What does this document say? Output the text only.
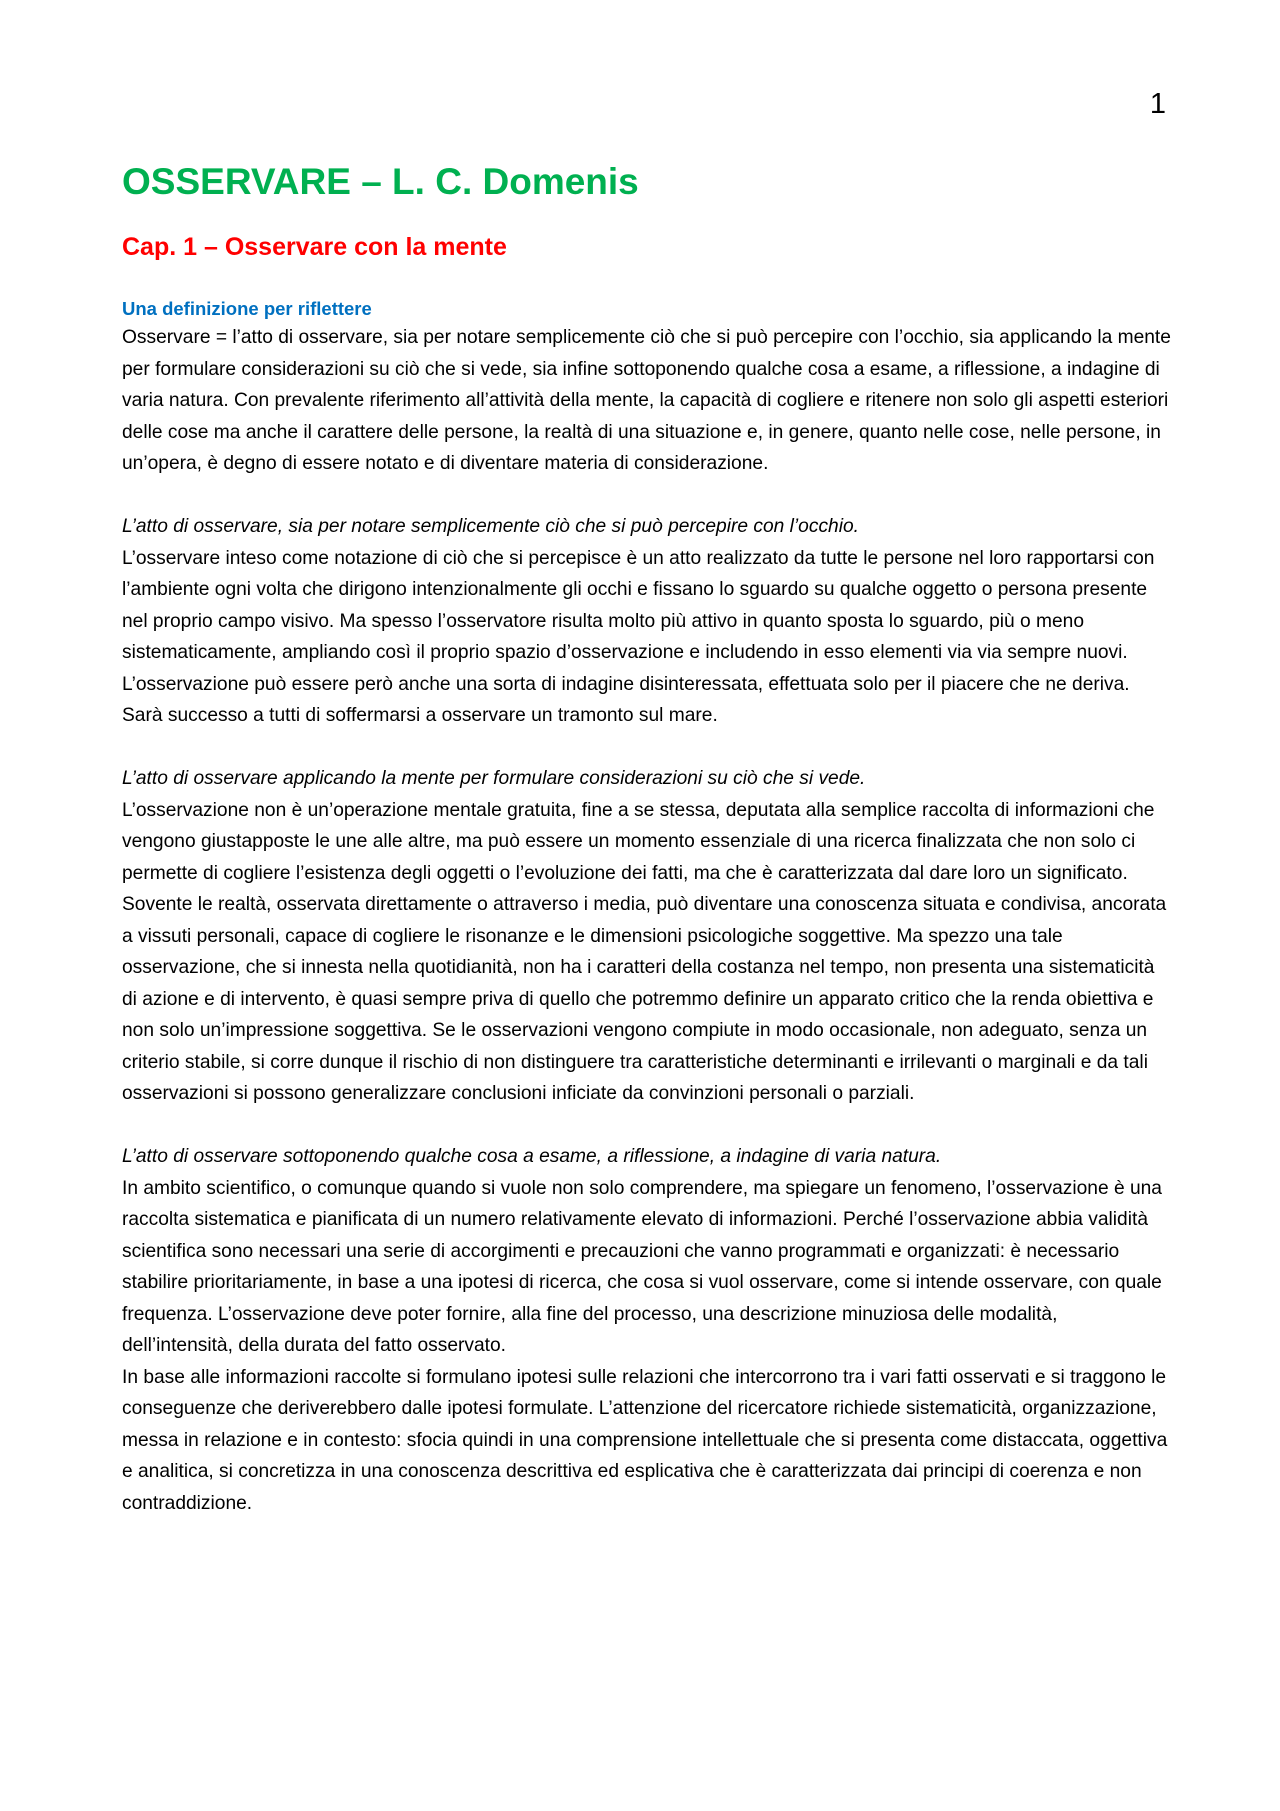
1
OSSERVARE – L. C. Domenis
Cap. 1 – Osservare con la mente
Una definizione per riflettere

Osservare = l’atto di osservare, sia per notare semplicemente ciò che si può percepire con l’occhio, sia applicando la mente per formulare considerazioni su ciò che si vede, sia infine sottoponendo qualche cosa a esame, a riflessione, a indagine di varia natura. Con prevalente riferimento all’attività della mente, la capacità di cogliere e ritenere non solo gli aspetti esteriori delle cose ma anche il carattere delle persone, la realtà di una situazione e, in genere, quanto nelle cose, nelle persone, in un’opera, è degno di essere notato e di diventare materia di considerazione.

L’atto di osservare, sia per notare semplicemente ciò che si può percepire con l’occhio.

L’osservare inteso come notazione di ciò che si percepisce è un atto realizzato da tutte le persone nel loro rapportarsi con l’ambiente ogni volta che dirigono intenzionalmente gli occhi e fissano lo sguardo su qualche oggetto o persona presente nel proprio campo visivo. Ma spesso l’osservatore risulta molto più attivo in quanto sposta lo sguardo, più o meno sistematicamente, ampliando così il proprio spazio d’osservazione e includendo in esso elementi via via sempre nuovi.

L’osservazione può essere però anche una sorta di indagine disinteressata, effettuata solo per il piacere che ne deriva. Sarà successo a tutti di soffermarsi a osservare un tramonto sul mare.

L’atto di osservare applicando la mente per formulare considerazioni su ciò che si vede.

L’osservazione non è un’operazione mentale gratuita, fine a se stessa, deputata alla semplice raccolta di informazioni che vengono giustapposte le une alle altre, ma può essere un momento essenziale di una ricerca finalizzata che non solo ci permette di cogliere l’esistenza degli oggetti o l’evoluzione dei fatti, ma che è caratterizzata dal dare loro un significato.

Sovente le realtà, osservata direttamente o attraverso i media, può diventare una conoscenza situata e condivisa, ancorata a vissuti personali, capace di cogliere le risonanze e le dimensioni psicologiche soggettive. Ma spezzo una tale osservazione, che si innesta nella quotidianità, non ha i caratteri della costanza nel tempo, non presenta una sistematicità di azione e di intervento, è quasi sempre priva di quello che potremmo definire un apparato critico che la renda obiettiva e non solo un’impressione soggettiva. Se le osservazioni vengono compiute in modo occasionale, non adeguato, senza un criterio stabile, si corre dunque il rischio di non distinguere tra caratteristiche determinanti e irrilevanti o marginali e da tali osservazioni si possono generalizzare conclusioni inficiate da convinzioni personali o parziali.

L’atto di osservare sottoponendo qualche cosa a esame, a riflessione, a indagine di varia natura.

In ambito scientifico, o comunque quando si vuole non solo comprendere, ma spiegare un fenomeno, l’osservazione è una raccolta sistematica e pianificata di un numero relativamente elevato di informazioni. Perché l’osservazione abbia validità scientifica sono necessari una serie di accorgimenti e precauzioni che vanno programmati e organizzati: è necessario stabilire prioritariamente, in base a una ipotesi di ricerca, che cosa si vuol osservare, come si intende osservare, con quale frequenza. L’osservazione deve poter fornire, alla fine del processo, una descrizione minuziosa delle modalità, dell’intensità, della durata del fatto osservato.

In base alle informazioni raccolte si formulano ipotesi sulle relazioni che intercorrono tra i vari fatti osservati e si traggono le conseguenze che deriverebbero dalle ipotesi formulate. L’attenzione del ricercatore richiede sistematicità, organizzazione, messa in relazione e in contesto: sfocia quindi in una comprensione intellettuale che si presenta come distaccata, oggettiva e analitica, si concretizza in una conoscenza descrittiva ed esplicativa che è caratterizzata dai principi di coerenza e non contraddizione.
